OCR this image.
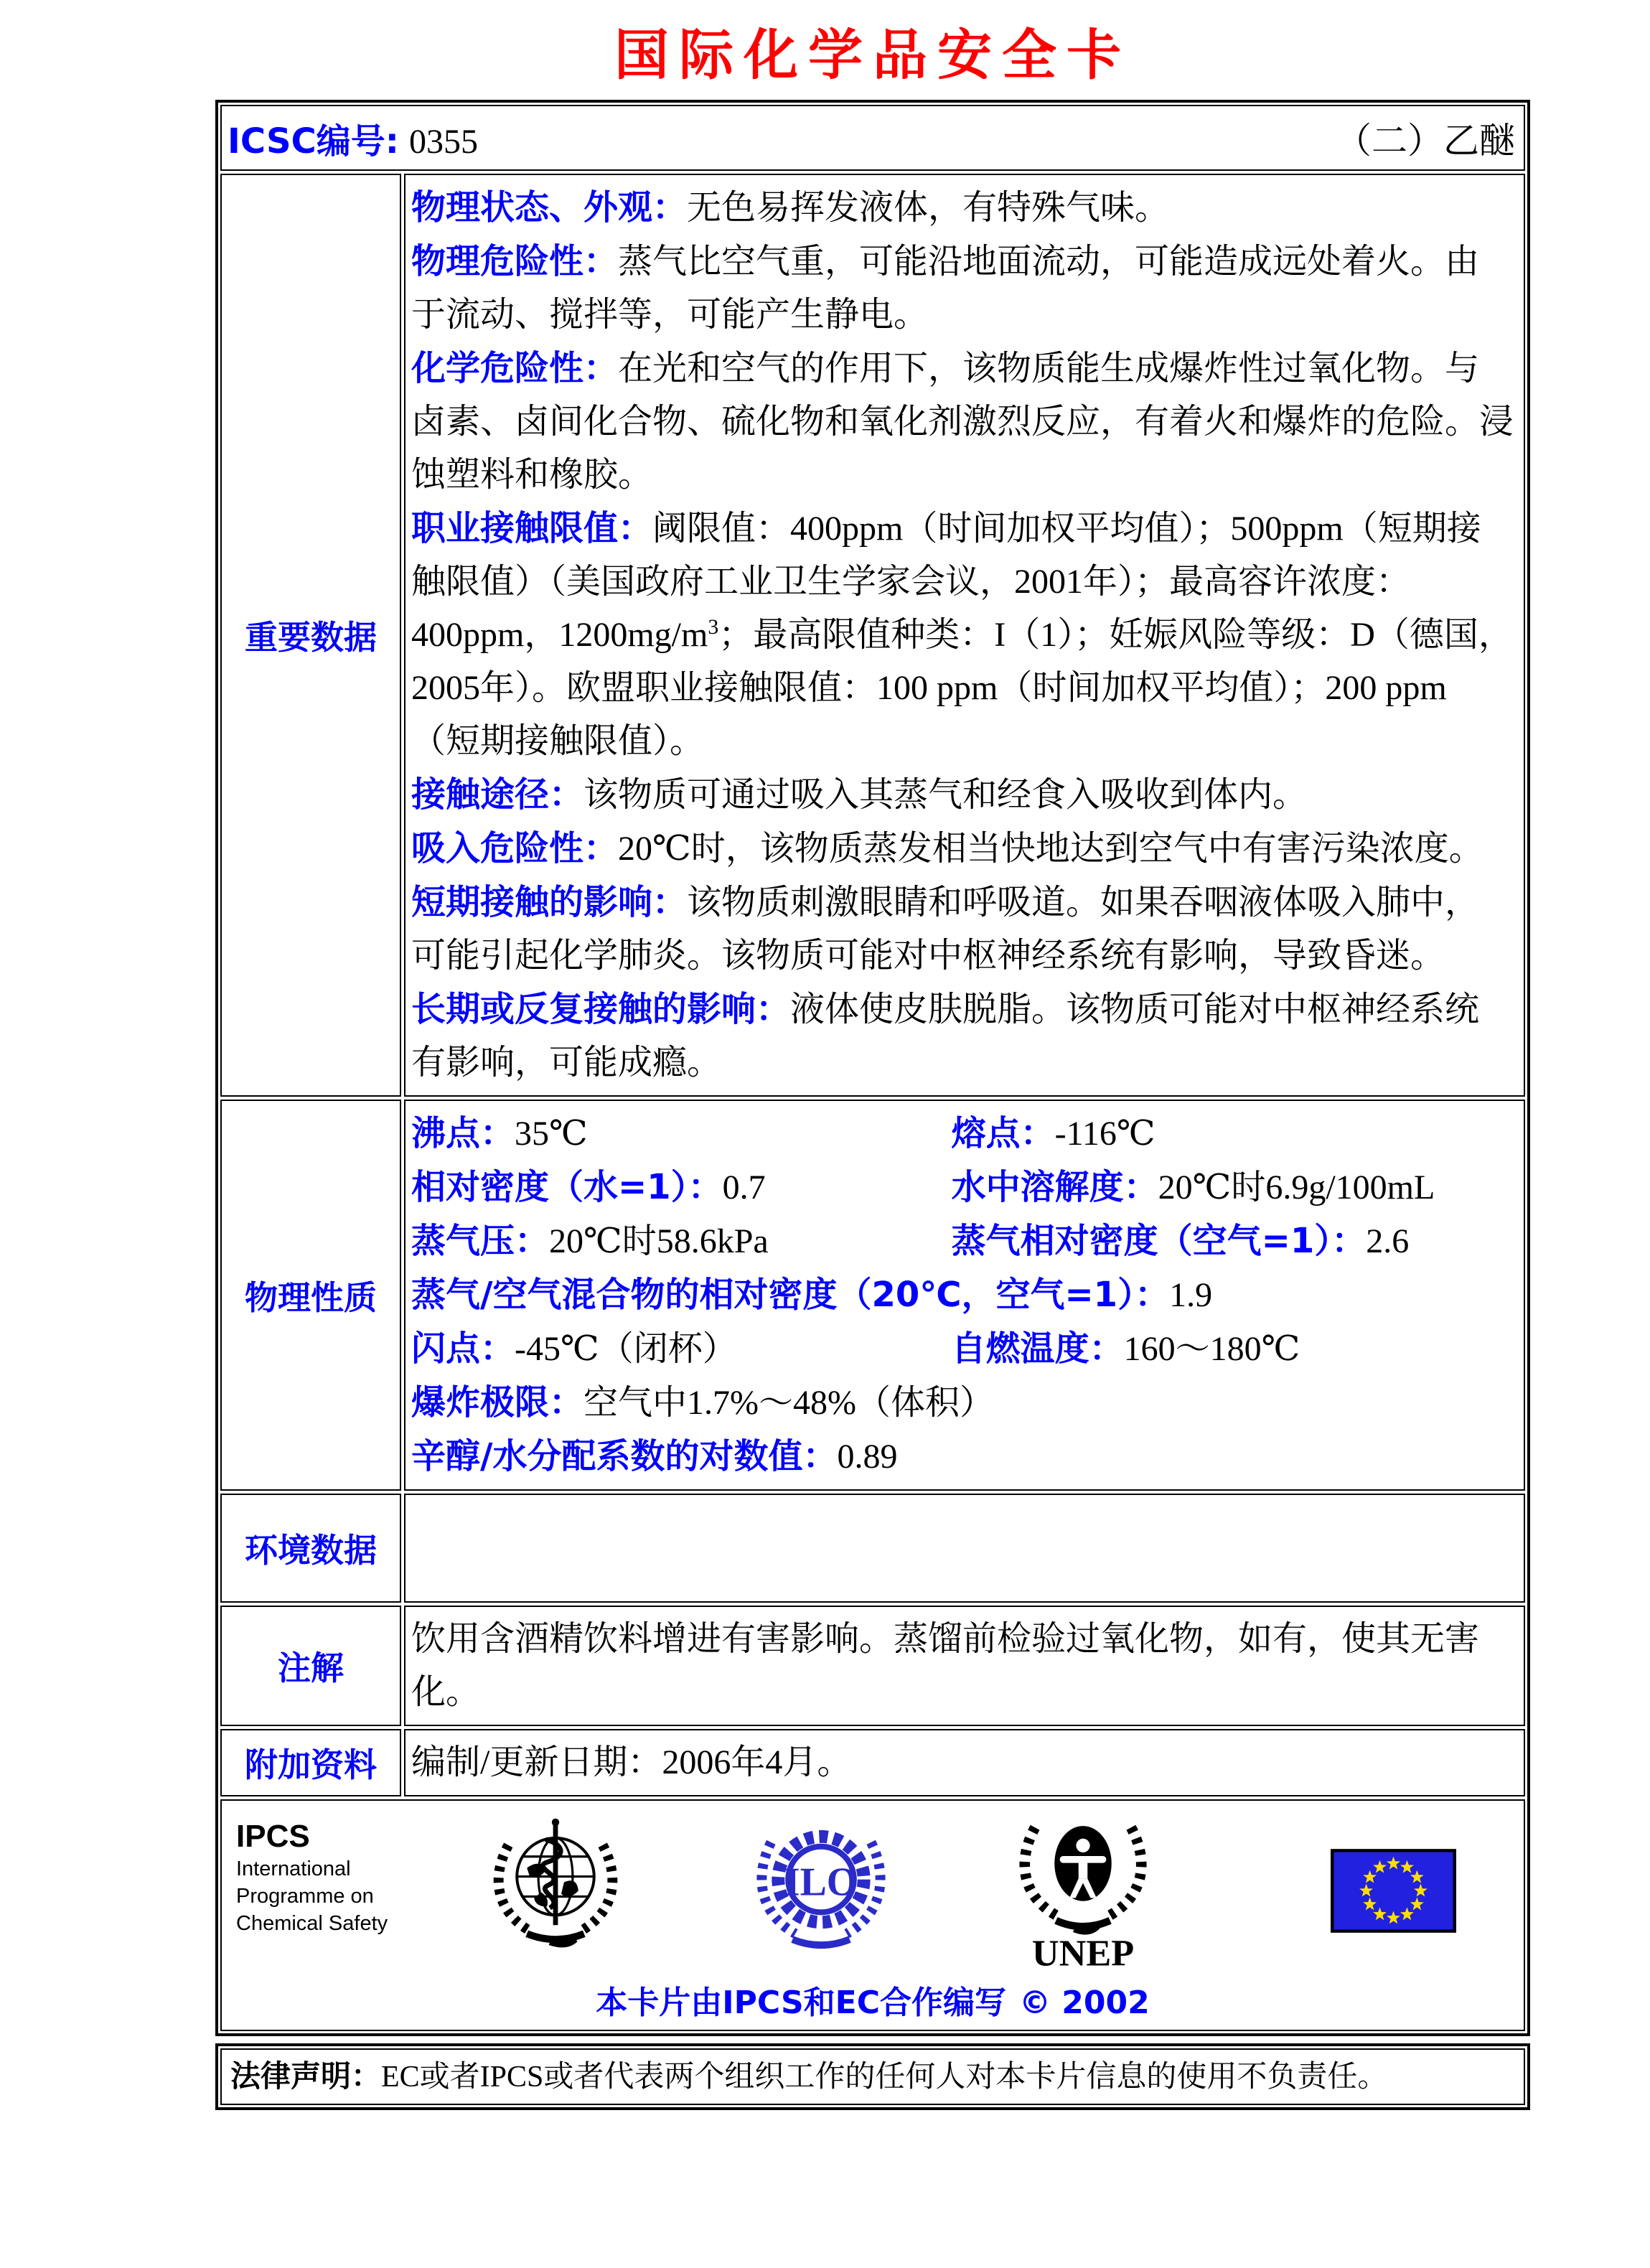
国际化学品安全卡
ICSC编号: 0355	（二）乙醚
重要数据

物理状态、外观：无色易挥发液体，有特殊气味。

物理危险性：蒸气比空气重，可能沿地面流动，可能造成远处着火。由于流动、搅拌等，可能产生静电。

化学危险性：在光和空气的作用下，该物质能生成爆炸性过氧化物。与卤素、卤间化合物、硫化物和氧化剂激烈反应，有着火和爆炸的危险。浸蚀塑料和橡胶。

职业接触限值：阈限值：400ppm（时间加权平均值）；500ppm（短期接触限值）（美国政府工业卫生学家会议，2001年）；最高容许浓度：400ppm，$1200mg/m^3$；最高限值种类：I（1）；妊娠风险等级：D（德国，2005年）。欧盟职业接触限值：100 ppm（时间加权平均值）；200 ppm（短期接触限值）。

接触途径：该物质可通过吸入其蒸气和经食入吸收到体内。

吸入危险性：20℃时，该物质蒸发相当快地达到空气中有害污染浓度。

短期接触的影响：该物质刺激眼睛和呼吸道。如果吞咽液体吸入肺中，可能引起化学肺炎。该物质可能对中枢神经系统有影响，导致昏迷。

长期或反复接触的影响：液体使皮肤脱脂。该物质可能对中枢神经系统有影响，可能成瘾。

物理性质
沸点：35℃	熔点：-116℃
相对密度（水=1）：0.7	水中溶解度：20℃时6.9g/100mL
蒸气压：20℃时58.6kPa	蒸气相对密度（空气=1）：2.6
蒸气/空气混合物的相对密度（20℃，空气=1）：1.9
闪点：-45℃（闭杯）	自燃温度：160～180℃
爆炸极限：空气中1.7%～48%（体积）
辛醇/水分配系数的对数值：0.89
环境数据
注解

饮用含酒精饮料增进有害影响。蒸馏前检验过氧化物，如有，使其无害化。

附加资料 编制/更新日期：2006年4月。

IPCS
International
Programme on
Chemical Safety
ILO
UNEP
本卡片由IPCS和EC合作编写 © 2002
法律声明：EC或者IPCS或者代表两个组织工作的任何人对本卡片信息的使用不负责任。
